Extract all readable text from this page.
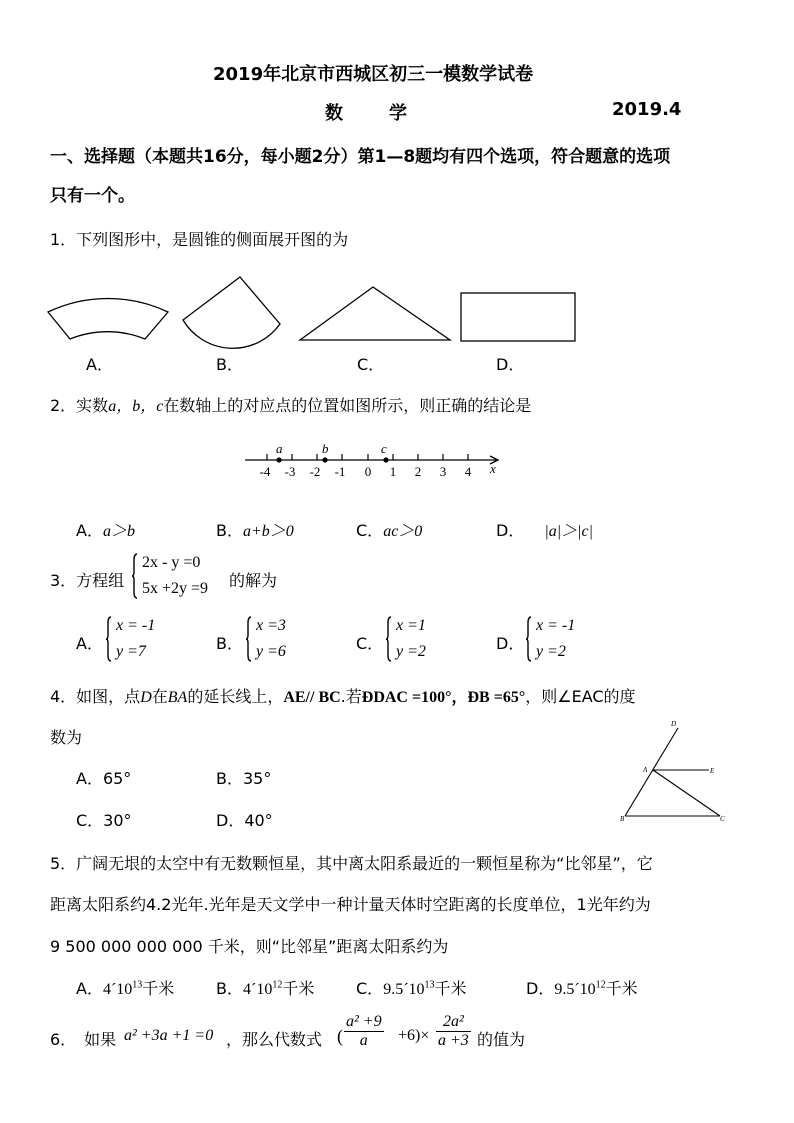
2019年北京市西城区初三一模数学试卷
数　学	2019.4
一、选择题（本题共16分，每小题2分）第1—8题均有四个选项，符合题意的选项
只有一个。
1．下列图形中，是圆锥的侧面展开图的为
A．	B．	C．	D．
2．实数a，b，c在数轴上的对应点的位置如图所示，则正确的结论是
a	b	c
x
-4 -3 -2 -1 0 1 2 3 4
A．a＞b	B．a+b＞0	C．ac＞0	D． |a|＞|c|
3．方程组
2x - y =0
5x +2y =9 的解为
A．
x = -1
y =7	B．
x =3
y =6	C．
x =1
y =2	D．
x = -1
y =2
4．如图，点D在BA的延长线上，AE// BC.若ÐDAC =100°，ÐB =65°，则∠EAC的度
数为
D
A	E
B	C
A．65°	B．35°
C．30°	D．40°
5．广阔无垠的太空中有无数颗恒星，其中离太阳系最近的一颗恒星称为“比邻星”，它
距离太阳系约4.2光年.光年是天文学中一种计量天体时空距离的长度单位，1光年约为
9 500 000 000 000 千米，则“比邻星”距离太阳系约为
A．$4´10^{13}$千米	B．$4´10^{12}$千米	C．$9.5´10^{13}$千米	D．$9.5´10^{12}$千米
6．　如果 a² +3a +1 =0 ，那么代数式 ( $\frac{\text{a² +9}}{a} +6)\times \frac{\text{2a²}}{a +3}$ 的值为
